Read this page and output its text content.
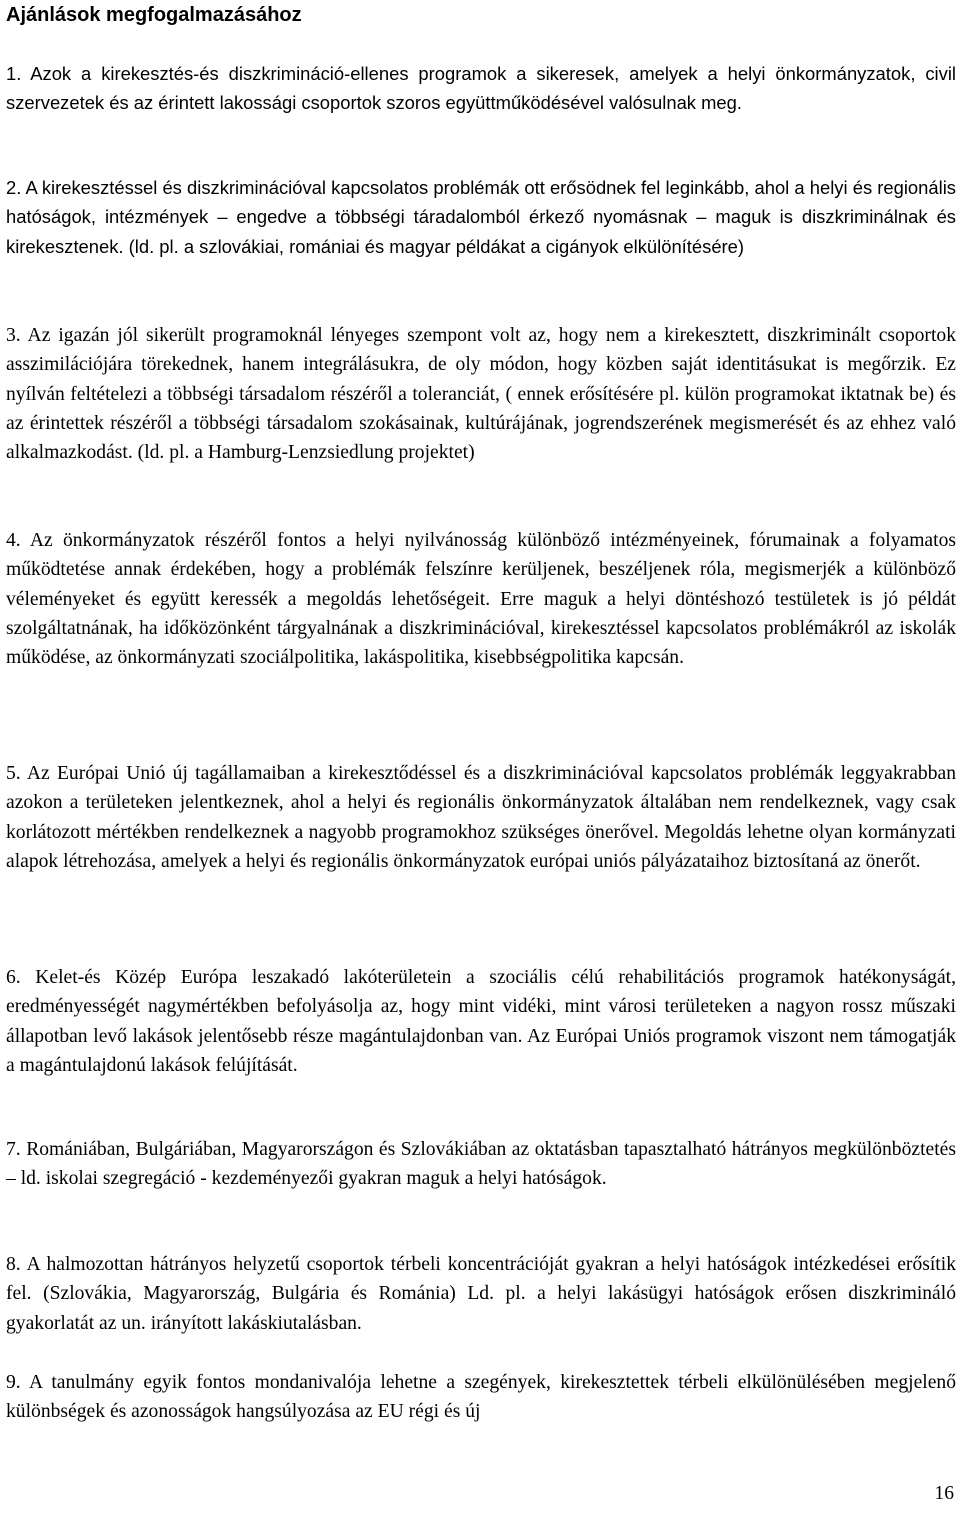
Ajánlások megfogalmazásához

1. Azok a kirekesztés-és diszkrimináció-ellenes programok a sikeresek, amelyek a helyi önkormányzatok, civil szervezetek és az érintett lakossági csoportok szoros együttműködésével valósulnak meg.

2. A kirekesztéssel és diszkriminációval kapcsolatos problémák ott erősödnek fel leginkább, ahol a helyi és regionális hatóságok, intézmények – engedve a többségi táradalomból érkező nyomásnak – maguk is diszkriminálnak és kirekesztenek. (ld. pl. a szlovákiai, romániai és magyar példákat a cigányok elkülönítésére)

3. Az igazán jól sikerült programoknál lényeges szempont volt az, hogy nem a kirekesztett, diszkriminált csoportok asszimilációjára törekednek, hanem integrálásukra, de oly módon, hogy közben saját identitásukat is megőrzik. Ez nyílván feltételezi a többségi társadalom részéről a toleranciát, ( ennek erősítésére pl. külön programokat iktatnak be) és az érintettek részéről a többségi társadalom szokásainak, kultúrájának, jogrendszerének megismerését és az ehhez való alkalmazkodást. (ld. pl. a Hamburg-Lenzsiedlung projektet)

4. Az önkormányzatok részéről fontos a helyi nyilvánosság különböző intézményeinek, fórumainak a folyamatos működtetése annak érdekében, hogy a problémák felszínre kerüljenek, beszéljenek róla, megismerjék a különböző véleményeket és együtt keressék a megoldás lehetőségeit. Erre maguk a helyi döntéshozó testületek is jó példát szolgáltatnának, ha időközönként tárgyalnának a diszkriminációval, kirekesztéssel kapcsolatos problémákról az iskolák működése, az önkormányzati szociálpolitika, lakáspolitika, kisebbségpolitika kapcsán.

5. Az Európai Unió új tagállamaiban a kirekesztődéssel és a diszkriminációval kapcsolatos problémák leggyakrabban azokon a területeken jelentkeznek, ahol a helyi és regionális önkormányzatok általában nem rendelkeznek, vagy csak korlátozott mértékben rendelkeznek a nagyobb programokhoz szükséges önerővel. Megoldás lehetne olyan kormányzati alapok létrehozása, amelyek a helyi és regionális önkormányzatok európai uniós pályázataihoz biztosítaná az önerőt.

6. Kelet-és Közép Európa leszakadó lakóterületein a szociális célú rehabilitációs programok hatékonyságát, eredményességét nagymértékben befolyásolja az, hogy mint vidéki, mint városi területeken a nagyon rossz műszaki állapotban levő lakások jelentősebb része magántulajdonban van. Az Európai Uniós programok viszont nem támogatják a magántulajdonú lakások felújítását.

7. Romániában, Bulgáriában, Magyarországon és Szlovákiában az oktatásban tapasztalható hátrányos megkülönböztetés – ld. iskolai szegregáció - kezdeményezői gyakran maguk a helyi hatóságok.

8. A halmozottan hátrányos helyzetű csoportok térbeli koncentrációját gyakran a helyi hatóságok intézkedései erősítik fel. (Szlovákia, Magyarország, Bulgária és Románia) Ld. pl. a helyi lakásügyi hatóságok erősen diszkrimináló gyakorlatát az un. irányított lakáskiutalásban.

9. A tanulmány egyik fontos mondanivalója lehetne a szegények, kirekesztettek térbeli elkülönülésében megjelenő különbségek és azonosságok hangsúlyozása az EU régi és új

16
